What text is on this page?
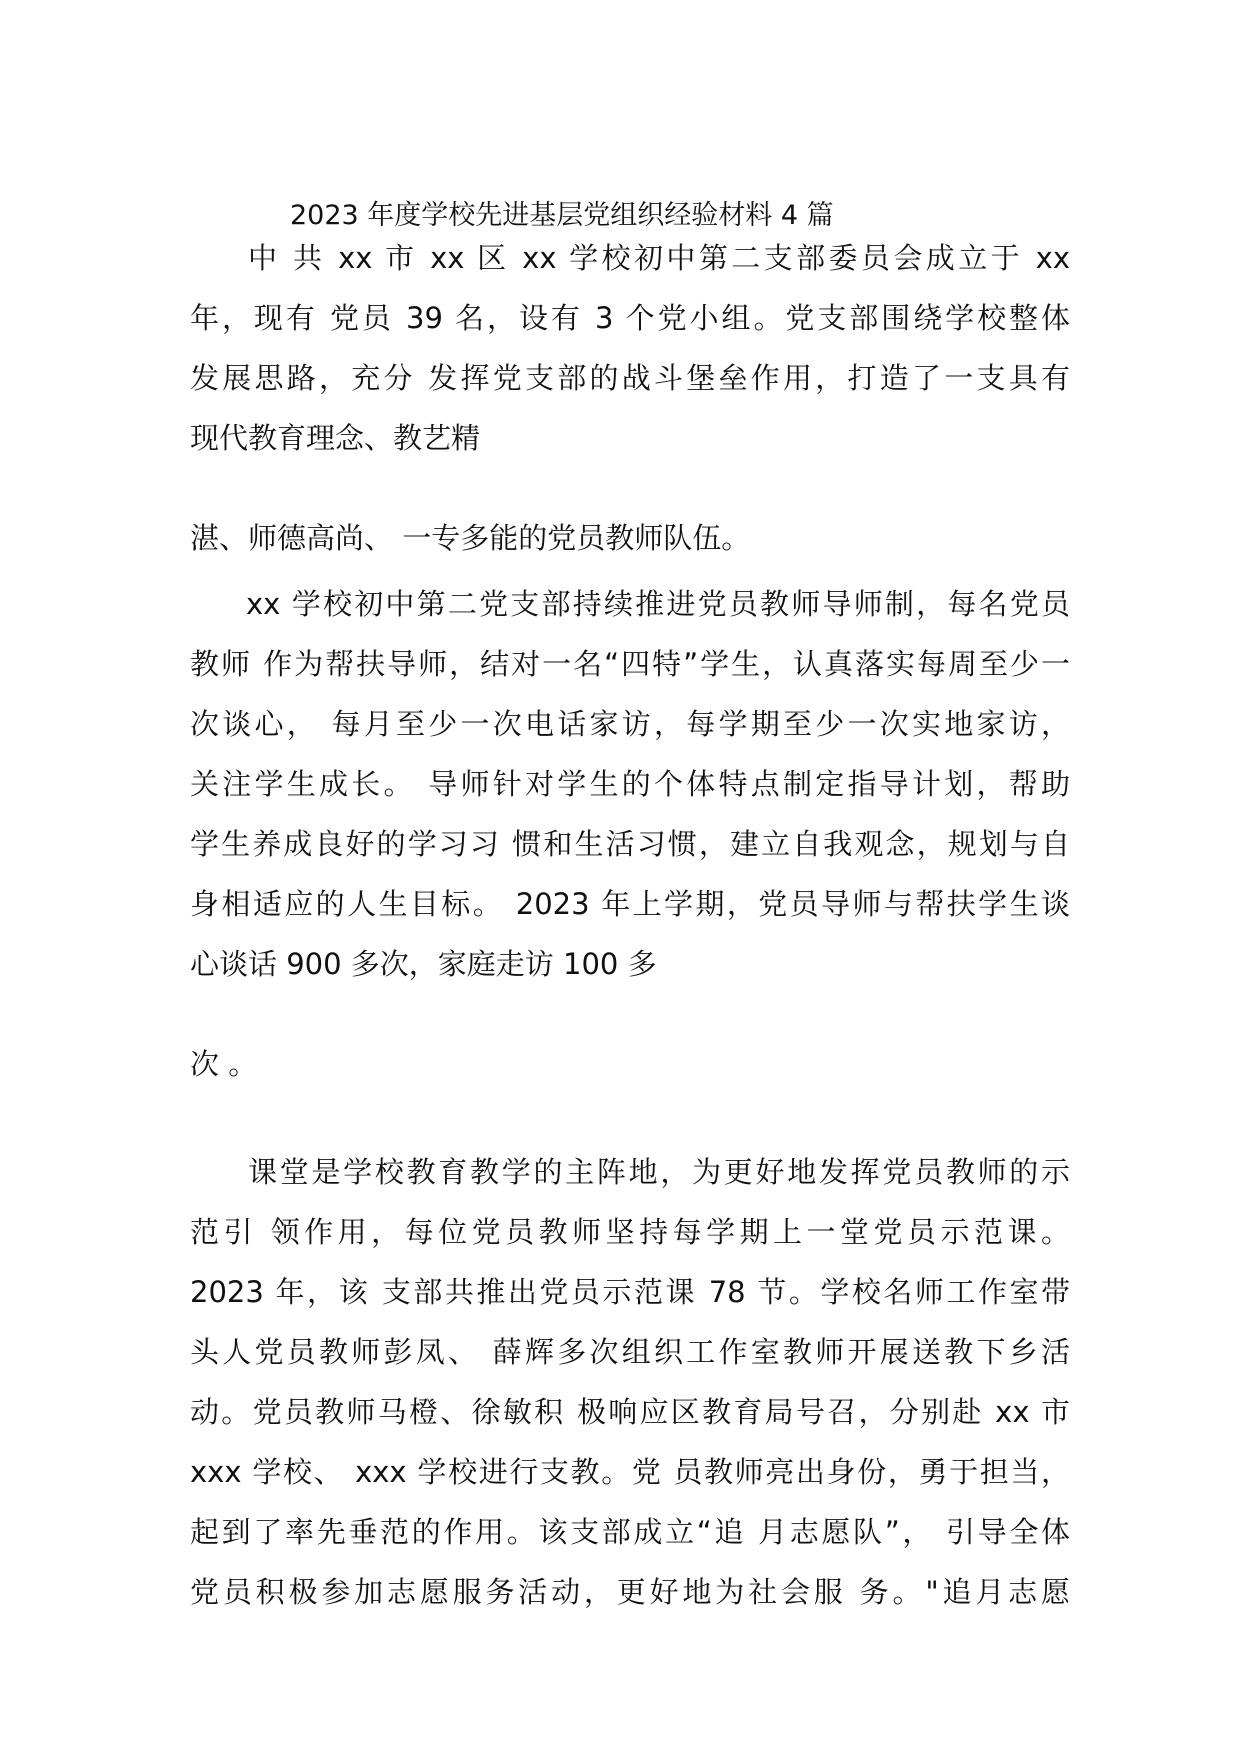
2023 年度学校先进基层党组织经验材料 4 篇
中 共 xx 市 xx 区 xx 学校初中第二支部委员会成立于 xx
年，现有 党员 39 名，设有 3 个党小组。党支部围绕学校整体
发展思路，充分 发挥党支部的战斗堡垒作用，打造了一支具有
现代教育理念、教艺精
湛、师德高尚、 一专多能的党员教师队伍。
xx 学校初中第二党支部持续推进党员教师导师制，每名党员
教师 作为帮扶导师，结对一名“四特”学生，认真落实每周至少一
次谈心， 每月至少一次电话家访，每学期至少一次实地家访，
关注学生成长。 导师针对学生的个体特点制定指导计划，帮助
学生养成良好的学习习 惯和生活习惯，建立自我观念，规划与自
身相适应的人生目标。 2023 年上学期，党员导师与帮扶学生谈
心谈话 900 多次，家庭走访 100 多
次 。
课堂是学校教育教学的主阵地，为更好地发挥党员教师的示
范引 领作用，每位党员教师坚持每学期上一堂党员示范课。
2023 年，该 支部共推出党员示范课 78 节。学校名师工作室带
头人党员教师彭凤、 薛辉多次组织工作室教师开展送教下乡活
动。党员教师马橙、徐敏积 极响应区教育局号召，分别赴 xx 市
xxx 学校、 xxx 学校进行支教。党 员教师亮出身份，勇于担当，
起到了率先垂范的作用。该支部成立“追 月志愿队”， 引导全体
党员积极参加志愿服务活动，更好地为社会服 务。"追月志愿
